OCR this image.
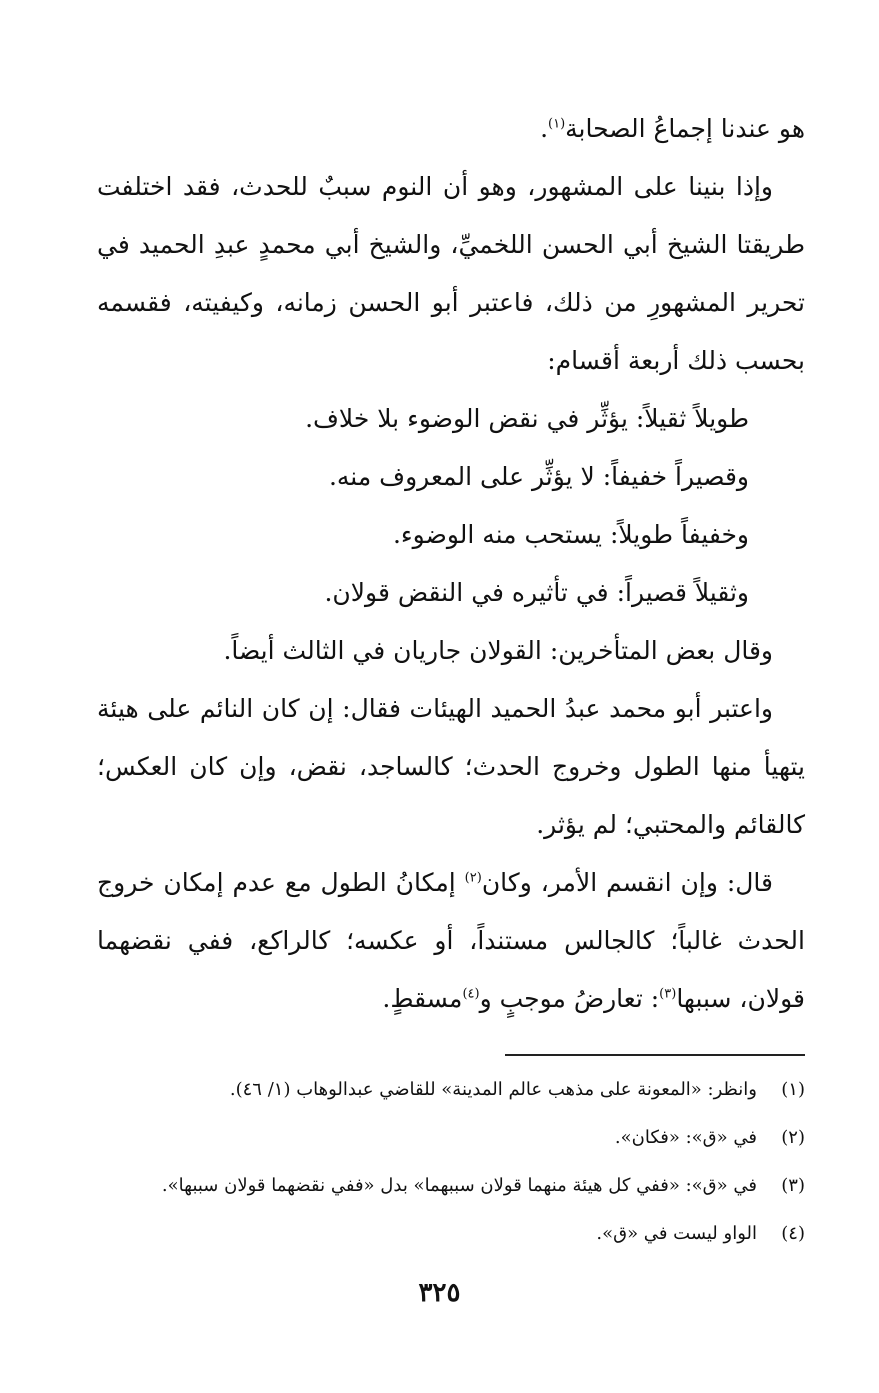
هو عندنا إجماعُ الصحابة$^{(١)}$.

وإذا بنينا على المشهور، وهو أن النوم سببٌ للحدث، فقد اختلفت طريقتا الشيخ أبي الحسن اللخميِّ، والشيخ أبي محمدٍ عبدِ الحميد في تحرير المشهورِ من ذلك، فاعتبر أبو الحسن زمانه، وكيفيته، فقسمه بحسب ذلك أربعة أقسام:

طويلاً ثقيلاً: يؤثِّر في نقض الوضوء بلا خلاف.

وقصيراً خفيفاً: لا يؤثِّر على المعروف منه.

وخفيفاً طويلاً: يستحب منه الوضوء.

وثقيلاً قصيراً: في تأثيره في النقض قولان.

وقال بعض المتأخرين: القولان جاريان في الثالث أيضاً.

واعتبر أبو محمد عبدُ الحميد الهيئات فقال: إن كان النائم على هيئة يتهيأ منها الطول وخروج الحدث؛ كالساجد، نقض، وإن كان العكس؛ كالقائم والمحتبي؛ لم يؤثر.

قال: وإن انقسم الأمر، وكان$^{(٢)}$ إمكانُ الطول مع عدم إمكان خروج الحدث غالباً؛ كالجالس مستنداً، أو عكسه؛ كالراكع، ففي نقضهما قولان، سببها$^{(٣)}$: تعارضُ موجبٍ و$^{(٤)}$مسقطٍ.

(١)
وانظر: «المعونة على مذهب عالم المدينة» للقاضي عبدالوهاب (١/ ٤٦).
(٢)
في «ق»: «فكان».
(٣)
في «ق»: «ففي كل هيئة منهما قولان سببهما» بدل «ففي نقضهما قولان سببها».
(٤)
الواو ليست في «ق».
٣٢٥
